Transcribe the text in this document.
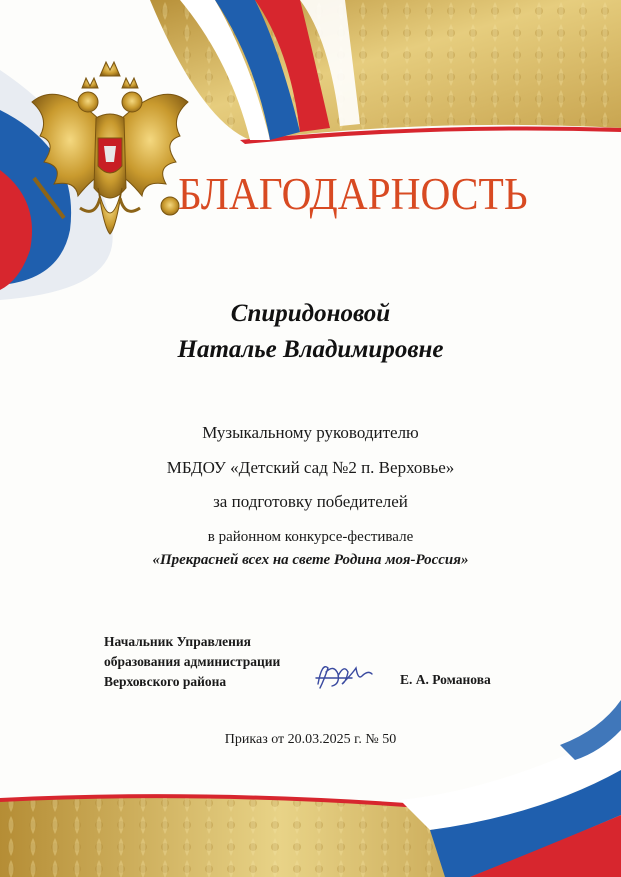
БЛАГОДАРНОСТЬ
Спиридоновой
Наталье Владимировне
Музыкальному руководителю
МБДОУ «Детский сад №2 п. Верховье»
за подготовку победителей
в районном конкурсе-фестивале
«Прекрасней всех на свете Родина моя-Россия»
Начальник Управления
образования администрации
Верховского района	Е. А. Романова
Приказ от 20.03.2025 г. № 50
